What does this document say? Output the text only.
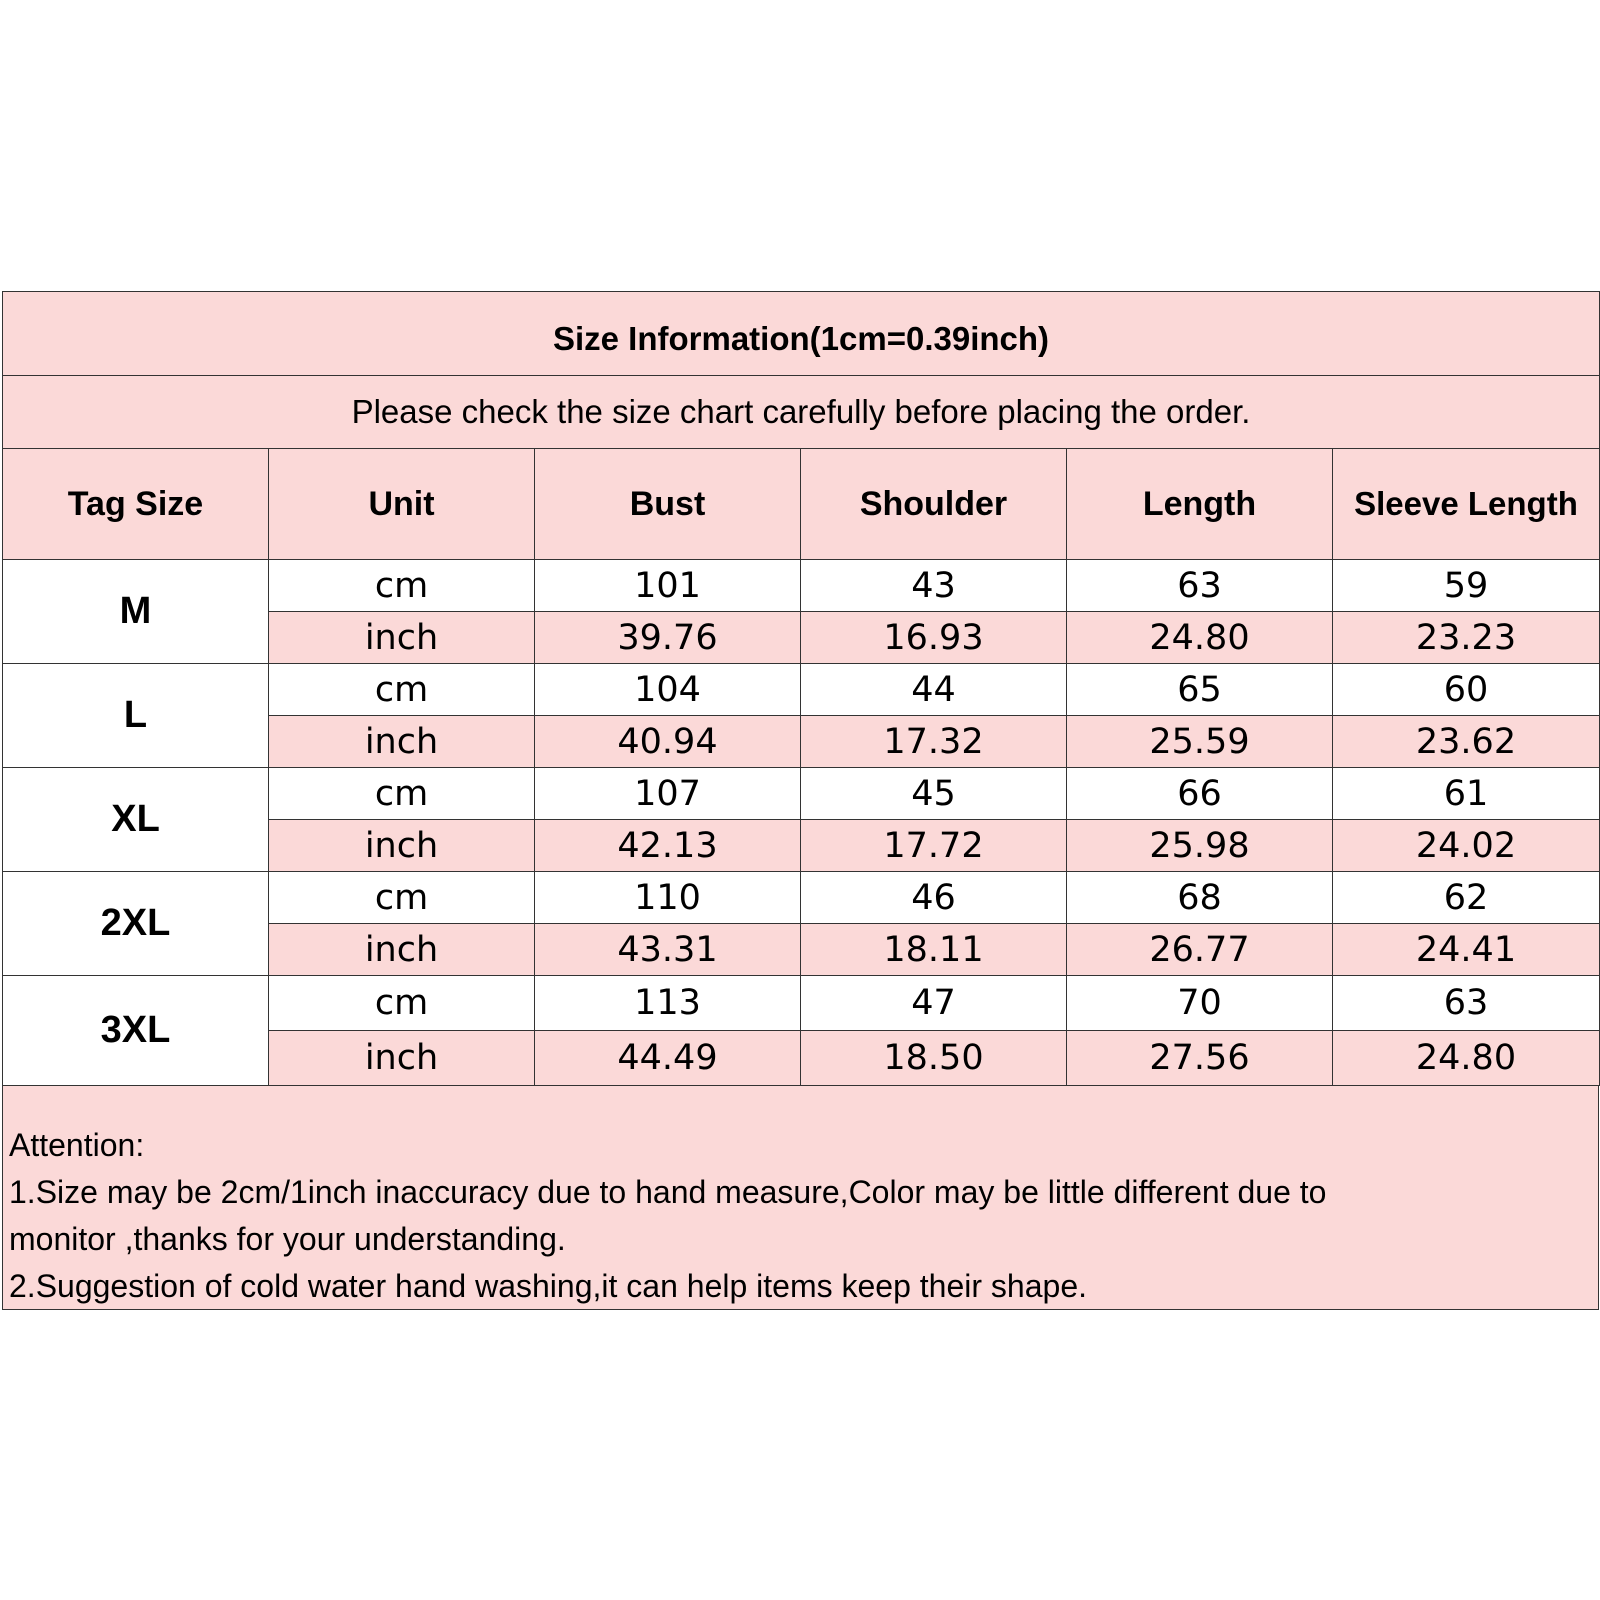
Size Information(1cm=0.39inch)					
Please check the size chart carefully before placing the order.					
Tag Size	Unit	Bust	Shoulder	Length	Sleeve Length
M	cm	101	43	63	59
	inch	39.76	16.93	24.80	23.23
L	cm	104	44	65	60
	inch	40.94	17.32	25.59	23.62
XL	cm	107	45	66	61
	inch	42.13	17.72	25.98	24.02
2XL	cm	110	46	68	62
	inch	43.31	18.11	26.77	24.41
3XL	cm	113	47	70	63
	inch	44.49	18.50	27.56	24.80
Attention:
1.Size may be 2cm/1inch inaccuracy due to hand measure,Color may be little different due to
monitor ,thanks for your understanding.
2.Suggestion of cold water hand washing,it can help items keep their shape.
